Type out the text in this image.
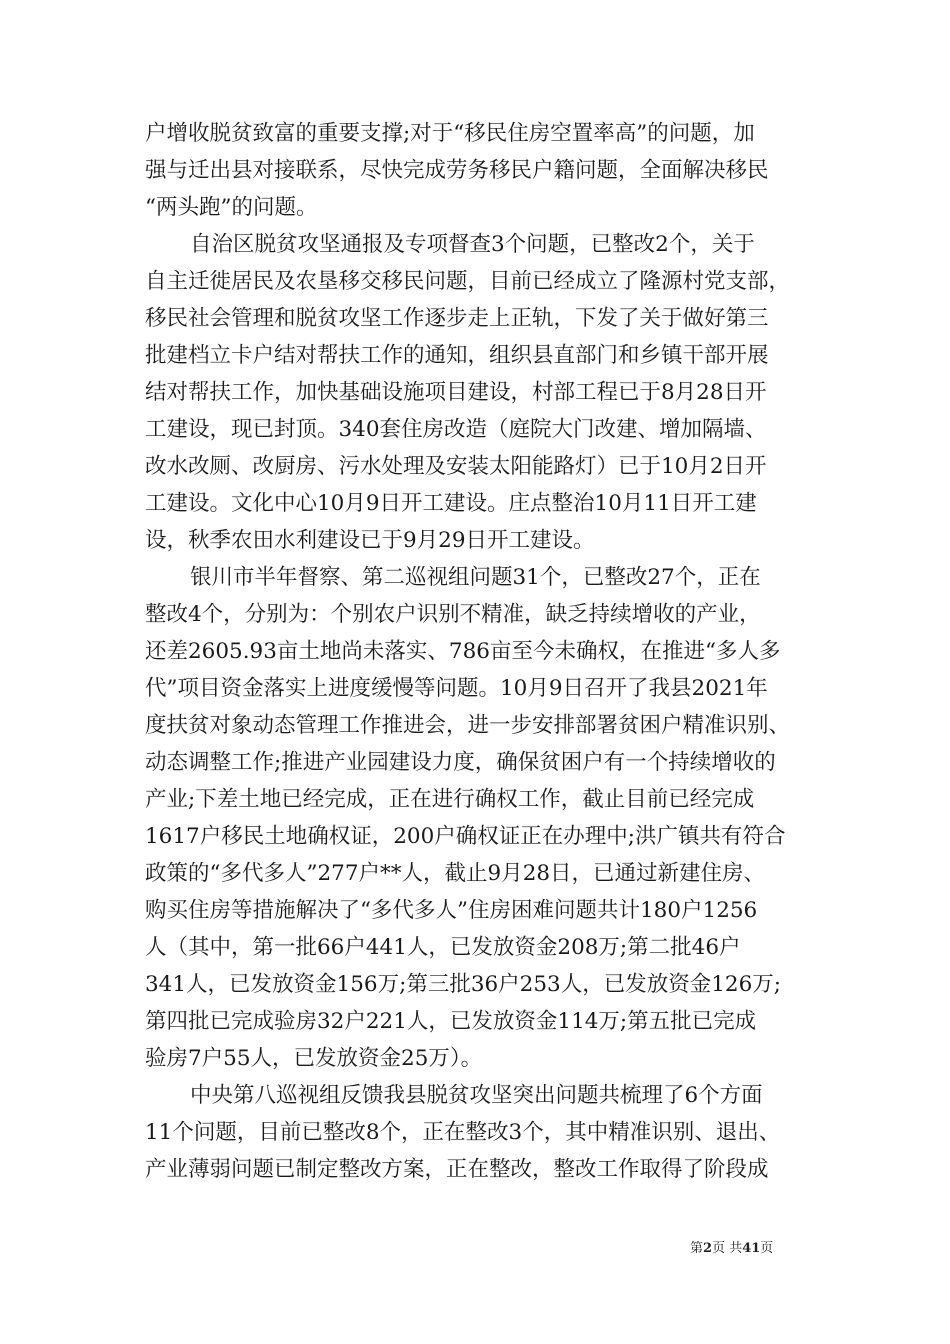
户增收脱贫致富的重要支撑;对于“移民住房空置率高”的问题，加
强与迁出县对接联系，尽快完成劳务移民户籍问题，全面解决移民
“两头跑”的问题。
自治区脱贫攻坚通报及专项督查3个问题，已整改2个，关于
自主迁徙居民及农垦移交移民问题，目前已经成立了隆源村党支部，
移民社会管理和脱贫攻坚工作逐步走上正轨，下发了关于做好第三
批建档立卡户结对帮扶工作的通知，组织县直部门和乡镇干部开展
结对帮扶工作，加快基础设施项目建设，村部工程已于8月28日开
工建设，现已封顶。340套住房改造（庭院大门改建、增加隔墙、
改水改厕、改厨房、污水处理及安装太阳能路灯）已于10月2日开
工建设。文化中心10月9日开工建设。庄点整治10月11日开工建
设，秋季农田水利建设已于9月29日开工建设。
银川市半年督察、第二巡视组问题31个，已整改27个，正在
整改4个，分别为：个别农户识别不精准，缺乏持续增收的产业，
还差2605.93亩土地尚未落实、786亩至今未确权，在推进“多人多
代”项目资金落实上进度缓慢等问题。10月9日召开了我县2021年
度扶贫对象动态管理工作推进会，进一步安排部署贫困户精准识别、
动态调整工作;推进产业园建设力度，确保贫困户有一个持续增收的
产业;下差土地已经完成，正在进行确权工作，截止目前已经完成
1617户移民土地确权证，200户确权证正在办理中;洪广镇共有符合
政策的“多代多人”277户**人，截止9月28日，已通过新建住房、
购买住房等措施解决了“多代多人”住房困难问题共计180户1256
人（其中，第一批66户441人，已发放资金208万;第二批46户
341人，已发放资金156万;第三批36户253人，已发放资金126万;
第四批已完成验房32户221人，已发放资金114万;第五批已完成
验房7户55人，已发放资金25万）。
中央第八巡视组反馈我县脱贫攻坚突出问题共梳理了6个方面
11个问题，目前已整改8个，正在整改3个，其中精准识别、退出、
产业薄弱问题已制定整改方案，正在整改，整改工作取得了阶段成
第2页 共41页
